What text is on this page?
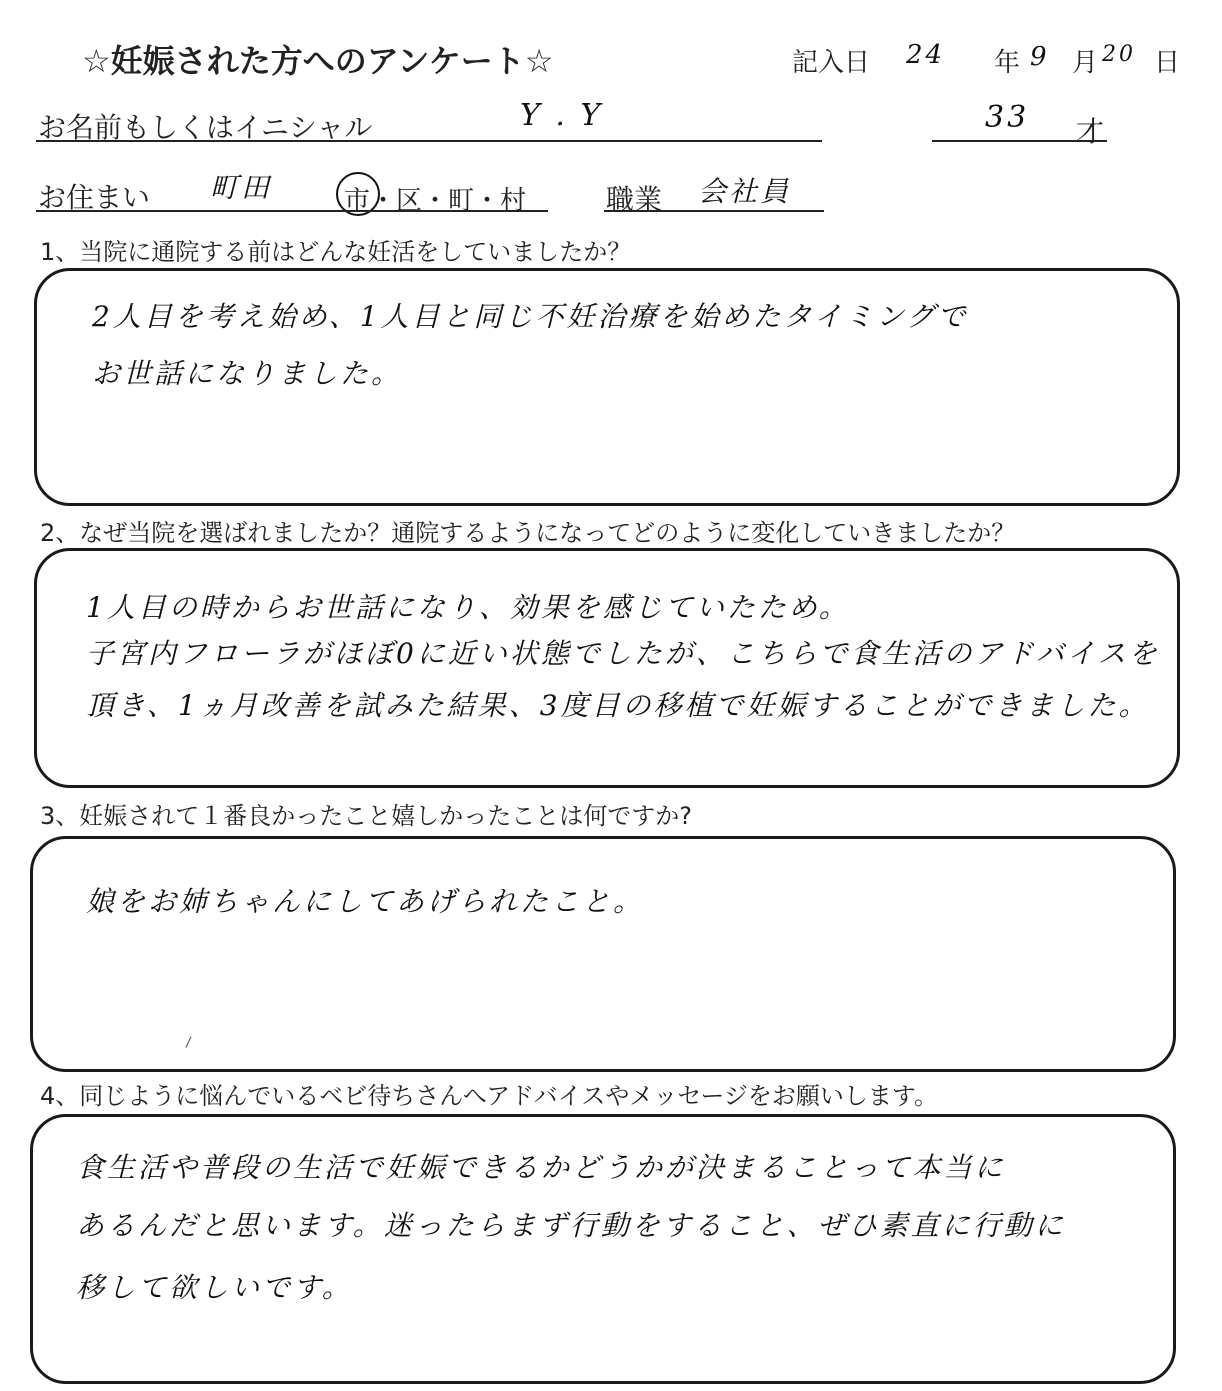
☆妊娠された方へのアンケート☆	記入日 24 年 9 月 20 日
お名前もしくはイニシャル	Y . Y	33 才
お住まい 町田	市・区・町・村	職業 会社員
1、当院に通院する前はどんな妊活をしていましたか？
2人目を考え始め、1人目と同じ不妊治療を始めたタイミングで
お世話になりました。
2、なぜ当院を選ばれましたか？通院するようになってどのように変化していきましたか？
1人目の時からお世話になり、効果を感じていたため。
子宮内フローラがほぼ0に近い状態でしたが、こちらで食生活のアドバイスを
頂き、1ヵ月改善を試みた結果、3度目の移植で妊娠することができました。
3、妊娠されて１番良かったこと嬉しかったことは何ですか?
娘をお姉ちゃんにしてあげられたこと。
4、同じように悩んでいるベビ待ちさんへアドバイスやメッセージをお願いします。
食生活や普段の生活で妊娠できるかどうかが決まることって本当に
あるんだと思います。迷ったらまず行動をすること、ぜひ素直に行動に
移して欲しいです。
